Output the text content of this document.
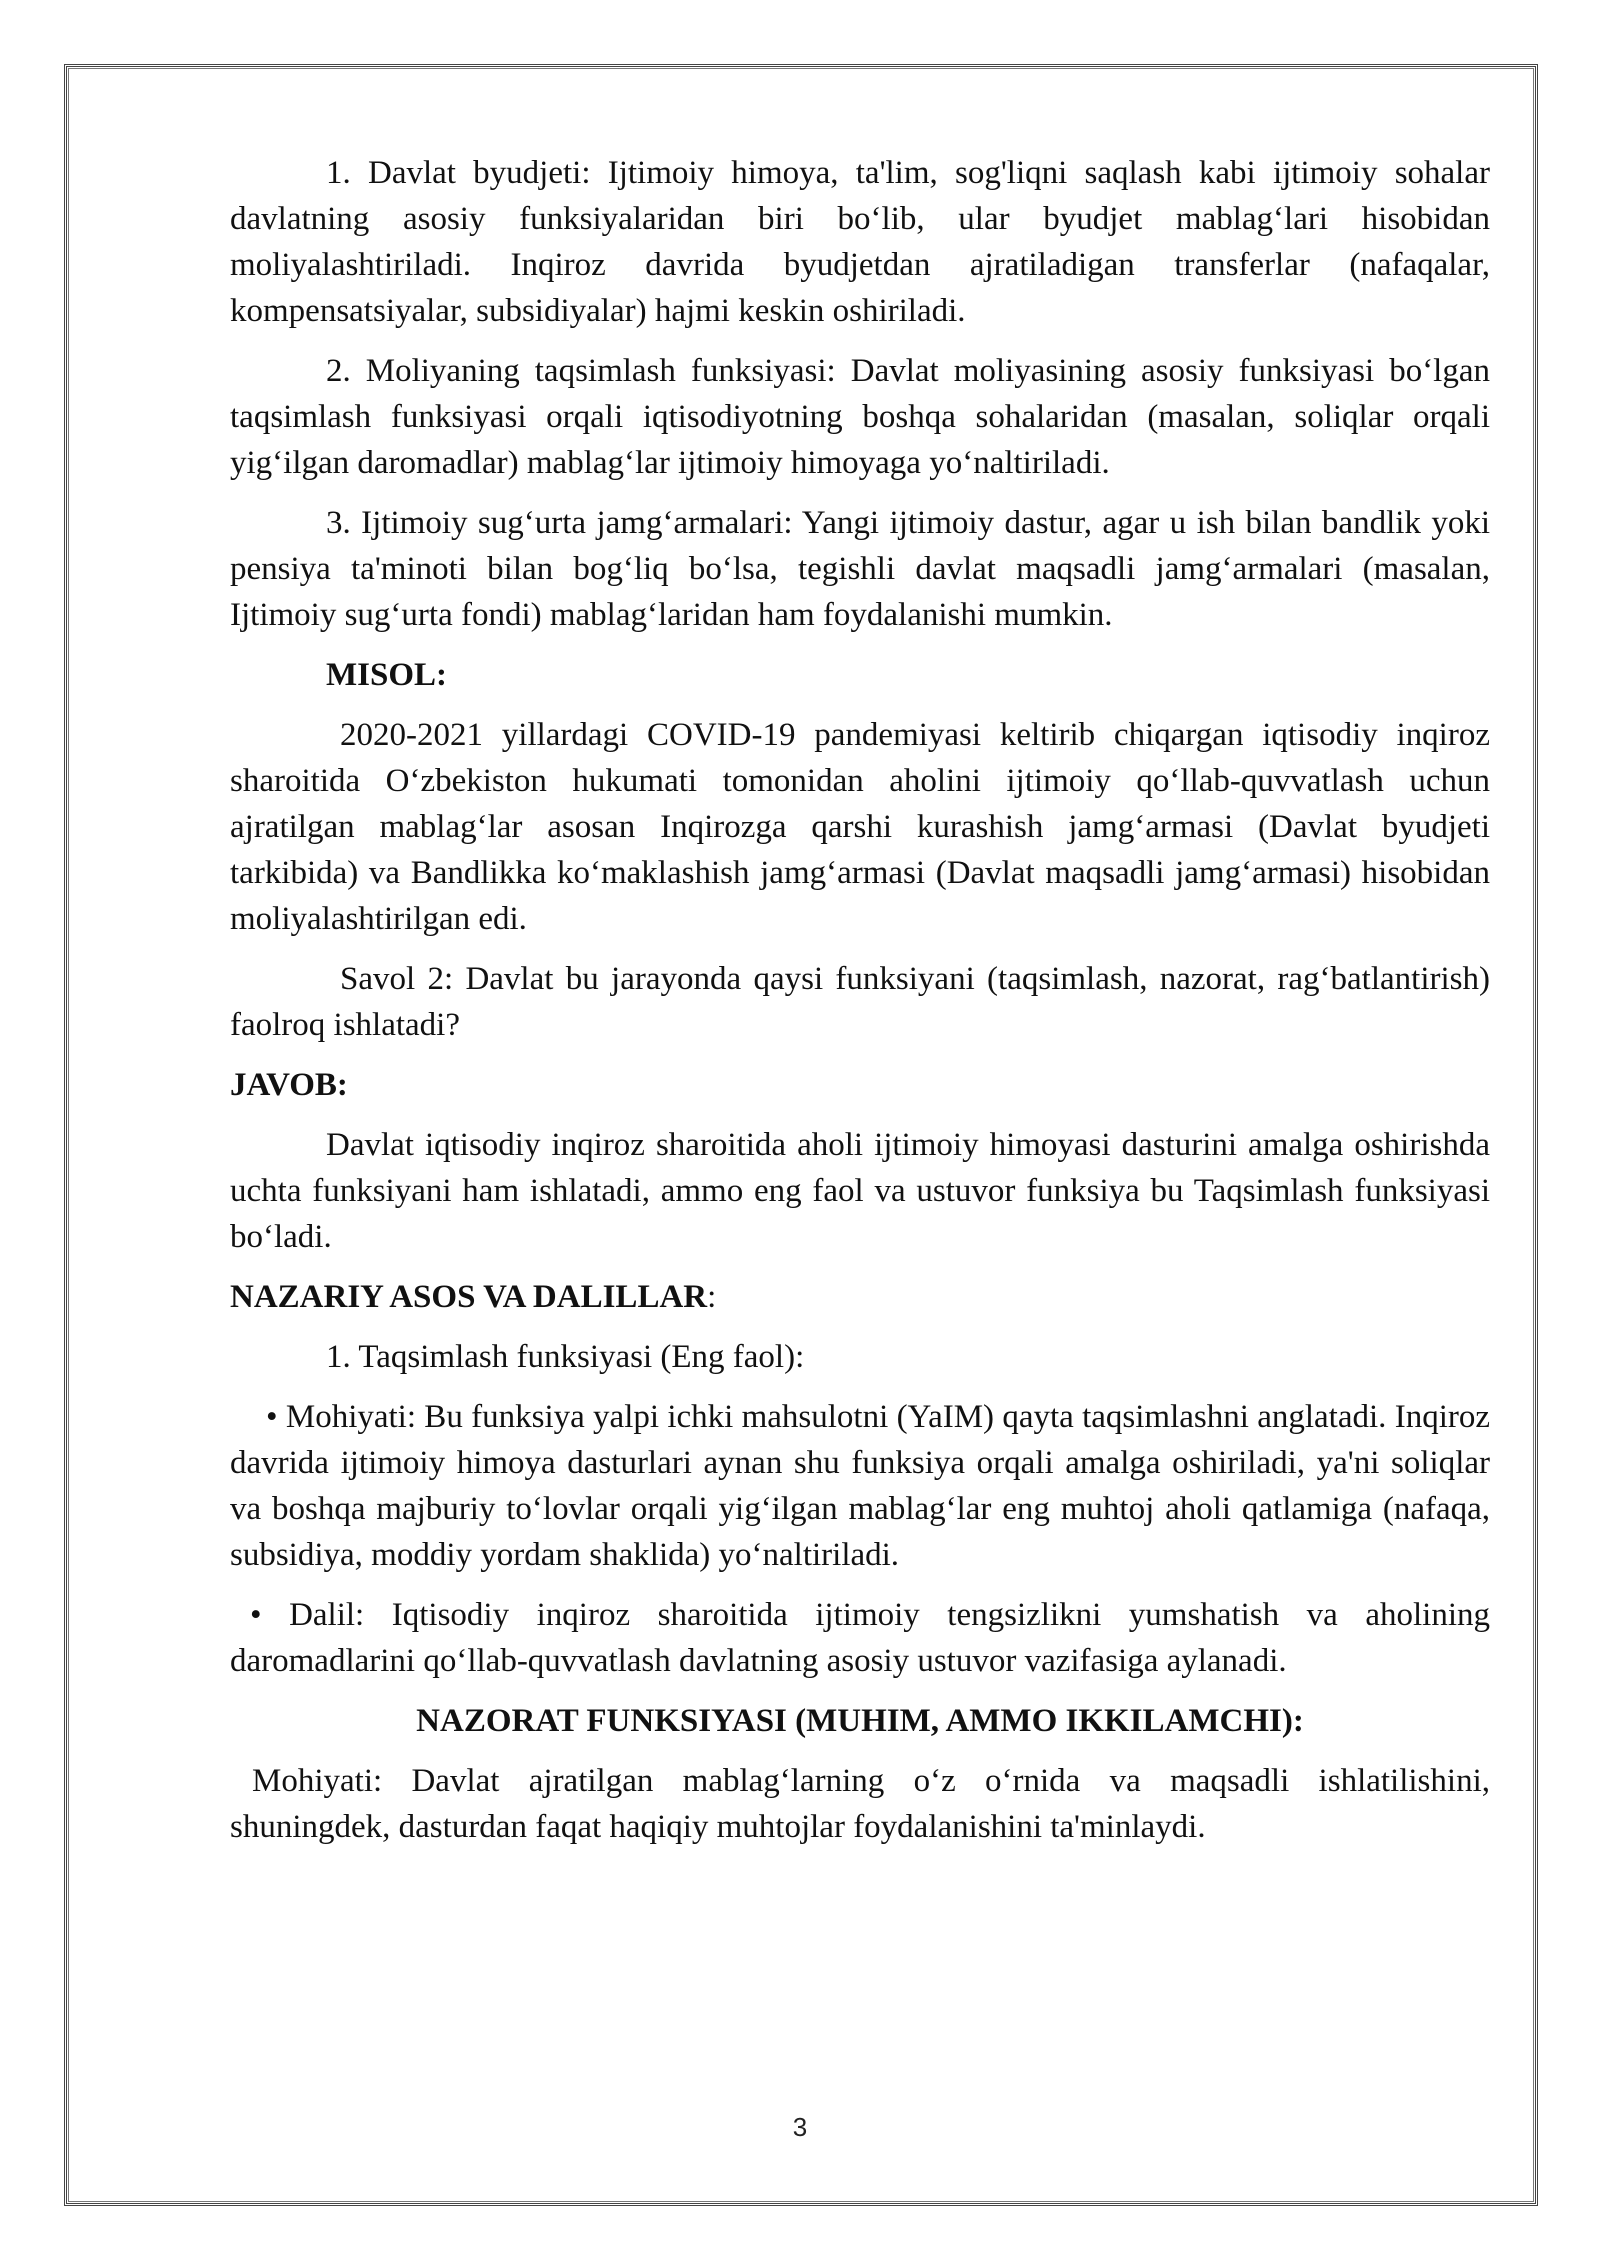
1. Davlat byudjeti: Ijtimoiy himoya, ta'lim, sog'liqni saqlash kabi ijtimoiy sohalar davlatning asosiy funksiyalaridan biri bo‘lib, ular byudjet mablag‘lari hisobidan moliyalashtiriladi. Inqiroz davrida byudjetdan ajratiladigan transferlar (nafaqalar, kompensatsiyalar, subsidiyalar) hajmi keskin oshiriladi.

2. Moliyaning taqsimlash funksiyasi: Davlat moliyasining asosiy funksiyasi bo‘lgan taqsimlash funksiyasi orqali iqtisodiyotning boshqa sohalaridan (masalan, soliqlar orqali yig‘ilgan daromadlar) mablag‘lar ijtimoiy himoyaga yo‘naltiriladi.

3. Ijtimoiy sug‘urta jamg‘armalari: Yangi ijtimoiy dastur, agar u ish bilan bandlik yoki pensiya ta'minoti bilan bog‘liq bo‘lsa, tegishli davlat maqsadli jamg‘armalari (masalan, Ijtimoiy sug‘urta fondi) mablag‘laridan ham foydalanishi mumkin.

MISOL:

2020-2021 yillardagi COVID-19 pandemiyasi keltirib chiqargan iqtisodiy inqiroz sharoitida O‘zbekiston hukumati tomonidan aholini ijtimoiy qo‘llab-quvvatlash uchun ajratilgan mablag‘lar asosan Inqirozga qarshi kurashish jamg‘armasi (Davlat byudjeti tarkibida) va Bandlikka ko‘maklashish jamg‘armasi (Davlat maqsadli jamg‘armasi) hisobidan moliyalashtirilgan edi.

Savol 2: Davlat bu jarayonda qaysi funksiyani (taqsimlash, nazorat, rag‘batlantirish) faolroq ishlatadi?

JAVOB:

Davlat iqtisodiy inqiroz sharoitida aholi ijtimoiy himoyasi dasturini amalga oshirishda uchta funksiyani ham ishlatadi, ammo eng faol va ustuvor funksiya bu Taqsimlash funksiyasi bo‘ladi.

NAZARIY ASOS VA DALILLAR:

1. Taqsimlash funksiyasi (Eng faol):

• Mohiyati: Bu funksiya yalpi ichki mahsulotni (YaIM) qayta taqsimlashni anglatadi. Inqiroz davrida ijtimoiy himoya dasturlari aynan shu funksiya orqali amalga oshiriladi, ya'ni soliqlar va boshqa majburiy to‘lovlar orqali yig‘ilgan mablag‘lar eng muhtoj aholi qatlamiga (nafaqa, subsidiya, moddiy yordam shaklida) yo‘naltiriladi.

• Dalil: Iqtisodiy inqiroz sharoitida ijtimoiy tengsizlikni yumshatish va aholining daromadlarini qo‘llab-quvvatlash davlatning asosiy ustuvor vazifasiga aylanadi.

NAZORAT FUNKSIYASI (MUHIM, AMMO IKKILAMCHI):

Mohiyati: Davlat ajratilgan mablag‘larning o‘z o‘rnida va maqsadli ishlatilishini, shuningdek, dasturdan faqat haqiqiy muhtojlar foydalanishini ta'minlaydi.

3
